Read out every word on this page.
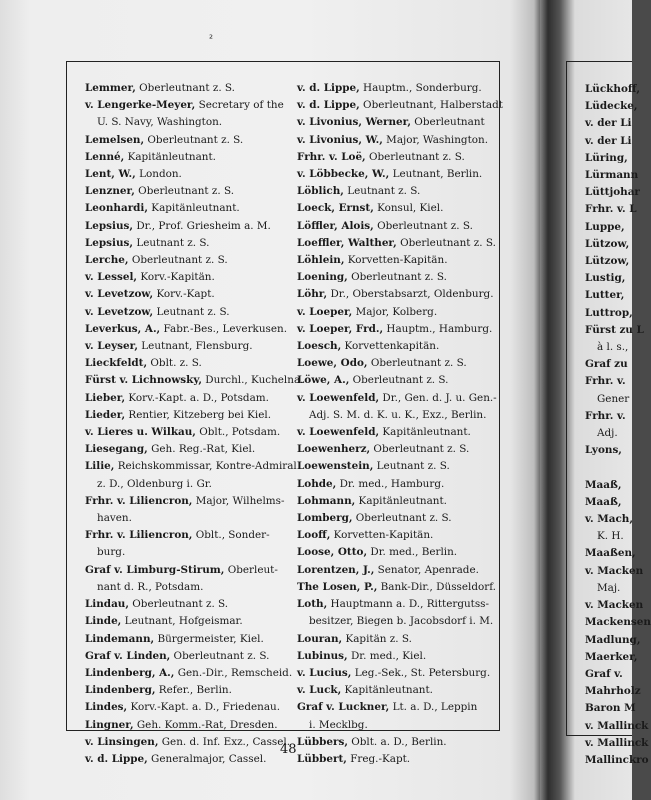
²
Lemmer, Oberleutnant z. S.
v. Lengerke-Meyer, Secretary of the
U. S. Navy, Washington.
Lemelsen, Oberleutnant z. S.
Lenné, Kapitänleutnant.
Lent, W., London.
Lenzner, Oberleutnant z. S.
Leonhardi, Kapitänleutnant.
Lepsius, Dr., Prof. Griesheim a. M.
Lepsius, Leutnant z. S.
Lerche, Oberleutnant z. S.
v. Lessel, Korv.-Kapitän.
v. Levetzow, Korv.-Kapt.
v. Levetzow, Leutnant z. S.
Leverkus, A., Fabr.-Bes., Leverkusen.
v. Leyser, Leutnant, Flensburg.
Lieckfeldt, Oblt. z. S.
Fürst v. Lichnowsky, Durchl., Kuchelna.
Lieber, Korv.-Kapt. a. D., Potsdam.
Lieder, Rentier, Kitzeberg bei Kiel.
v. Lieres u. Wilkau, Oblt., Potsdam.
Liesegang, Geh. Reg.-Rat, Kiel.
Lilie, Reichskommissar, Kontre-Admiral
z. D., Oldenburg i. Gr.
Frhr. v. Liliencron, Major, Wilhelms-
haven.
Frhr. v. Liliencron, Oblt., Sonder-
burg.
Graf v. Limburg-Stirum, Oberleut-
nant d. R., Potsdam.
Lindau, Oberleutnant z. S.
Linde, Leutnant, Hofgeismar.
Lindemann, Bürgermeister, Kiel.
Graf v. Linden, Oberleutnant z. S.
Lindenberg, A., Gen.-Dir., Remscheid.
Lindenberg, Refer., Berlin.
Lindes, Korv.-Kapt. a. D., Friedenau.
Lingner, Geh. Komm.-Rat, Dresden.
v. Linsingen, Gen. d. Inf. Exz., Cassel.
v. d. Lippe, Generalmajor, Cassel.
v. d. Lippe, Hauptm., Sonderburg.
v. d. Lippe, Oberleutnant, Halberstadt
v. Livonius, Werner, Oberleutnant
v. Livonius, W., Major, Washington.
Frhr. v. Loë, Oberleutnant z. S.
v. Löbbecke, W., Leutnant, Berlin.
Löblich, Leutnant z. S.
Loeck, Ernst, Konsul, Kiel.
Löffler, Alois, Oberleutnant z. S.
Loeffler, Walther, Oberleutnant z. S.
Löhlein, Korvetten-Kapitän.
Loening, Oberleutnant z. S.
Löhr, Dr., Oberstabsarzt, Oldenburg.
v. Loeper, Major, Kolberg.
v. Loeper, Frd., Hauptm., Hamburg.
Loesch, Korvettenkapitän.
Loewe, Odo, Oberleutnant z. S.
Löwe, A., Oberleutnant z. S.
v. Loewenfeld, Dr., Gen. d. J. u. Gen.-
Adj. S. M. d. K. u. K., Exz., Berlin.
v. Loewenfeld, Kapitänleutnant.
Loewenherz, Oberleutnant z. S.
Loewenstein, Leutnant z. S.
Lohde, Dr. med., Hamburg.
Lohmann, Kapitänleutnant.
Lomberg, Oberleutnant z. S.
Looff, Korvetten-Kapitän.
Loose, Otto, Dr. med., Berlin.
Lorentzen, J., Senator, Apenrade.
The Losen, P., Bank-Dir., Düsseldorf.
Loth, Hauptmann a. D., Rittergutss-
besitzer, Biegen b. Jacobsdorf i. M.
Louran, Kapitän z. S.
Lubinus, Dr. med., Kiel.
v. Lucius, Leg.-Sek., St. Petersburg.
v. Luck, Kapitänleutnant.
Graf v. Luckner, Lt. a. D., Leppin
i. Mecklbg.
Lübbers, Oblt. a. D., Berlin.
Lübbert, Freg.-Kapt.
48
Lückhoff,
Lüdecke,
v. der Li
v. der Li
Lüring,
Lürmann
Lüttjohar
Frhr. v. L
Luppe,
Lützow,
Lützow,
Lustig,
Lutter,
Luttrop,
Fürst zu L
à l. s.,
Graf zu
Frhr. v.
Gener
Frhr. v.
Adj.
Lyons,

Maaß,
Maaß,
v. Mach,
K. H.
Maaßen,
v. Macken
Maj.
v. Macken
Mackensen
Madlung,
Maerker,
Graf v.
Mahrholz
Baron M
v. Mallinck
v. Mallinck
Mallinckro
